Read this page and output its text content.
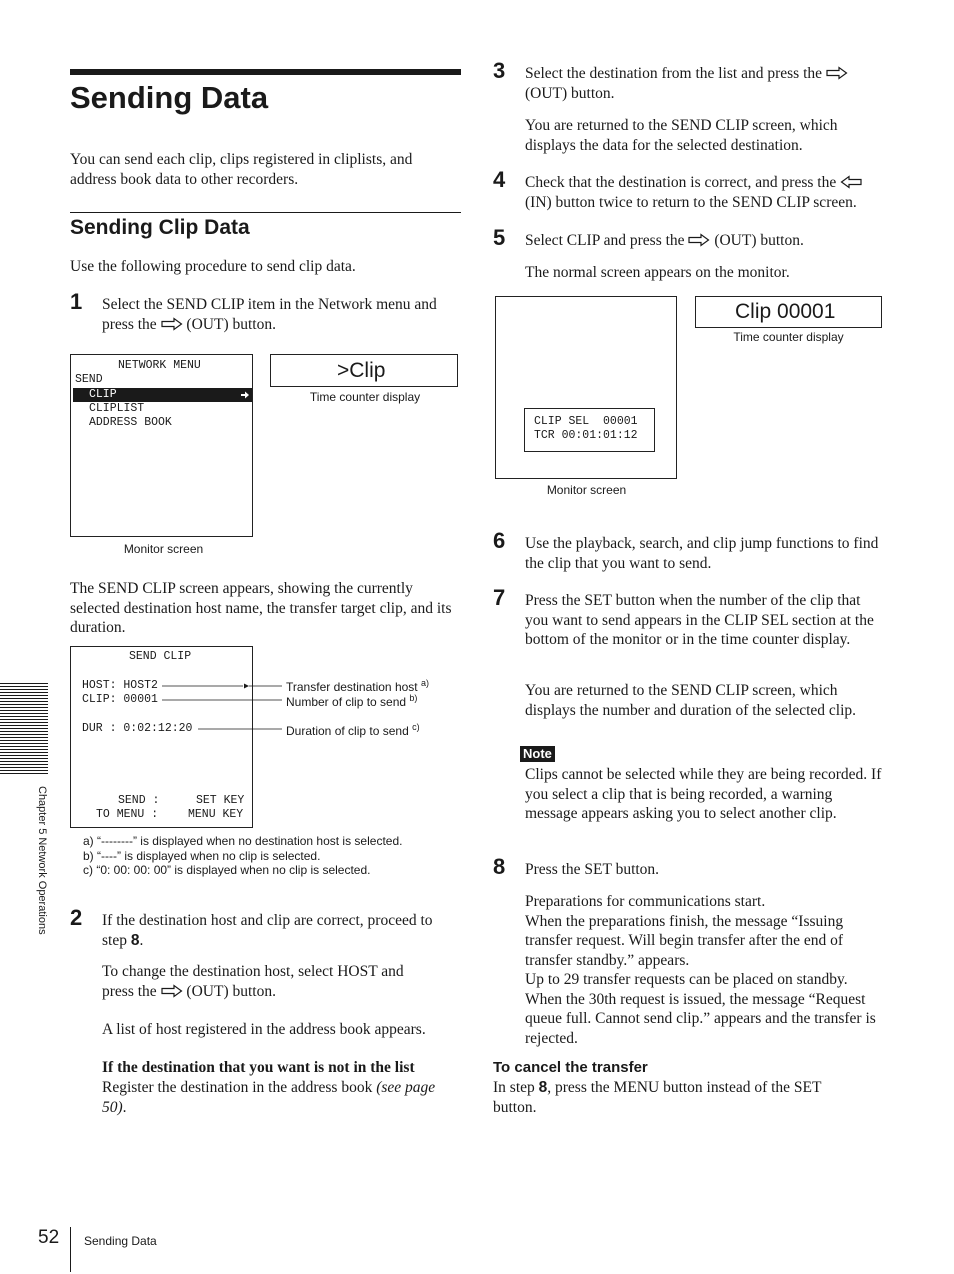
Sending Data
You can send each clip, clips registered in cliplists, and address book data to other recorders.
Sending Clip Data
Use the following procedure to send clip data.
1 Select the SEND CLIP item in the Network menu and
press the (OUT) button.
NETWORK MENU
SEND
CLIP
CLIPLIST
ADDRESS BOOK
Monitor screen
>Clip
Time counter display
The SEND CLIP screen appears, showing the currently selected destination host name, the transfer target clip, and its duration.
SEND CLIP
HOST: HOST2
CLIP: 00001
DUR : 0:02:12:20
SEND :	SET KEY
TO MENU :	MENU KEY
Transfer destination host $^{a)}$
Number of clip to send $^{b)}$
Duration of clip to send $^{c)}$
a) “--------” is displayed when no destination host is selected.
b) “----” is displayed when no clip is selected.
c) “0: 00: 00: 00” is displayed when no clip is selected.
2 If the destination host and clip are correct, proceed to
step 8.
To change the destination host, select HOST and
press the (OUT) button.
A list of host registered in the address book appears.
If the destination that you want is not in the list
Register the destination in the address book (see page
50).
Chapter 5 Network Operations
52 Sending Data
3 Select the destination from the list and press the
(OUT) button.
You are returned to the SEND CLIP screen, which displays the data for the selected destination.
4 Check that the destination is correct, and press the
(IN) button twice to return to the SEND CLIP screen.
5 Select CLIP and press the (OUT) button.
The normal screen appears on the monitor.
CLIP SEL  00001
TCR 00:01:01:12
Monitor screen
Clip 00001
Time counter display
6 Use the playback, search, and clip jump functions to find the clip that you want to send.
7 Press the SET button when the number of the clip that you want to send appears in the CLIP SEL section at the bottom of the monitor or in the time counter display.
You are returned to the SEND CLIP screen, which displays the number and duration of the selected clip.
Note
Clips cannot be selected while they are being recorded. If you select a clip that is being recorded, a warning message appears asking you to select another clip.
8 Press the SET button.
Preparations for communications start.
When the preparations finish, the message “Issuing transfer request. Will begin transfer after the end of transfer standby.” appears.
Up to 29 transfer requests can be placed on standby. When the 30th request is issued, the message “Request queue full. Cannot send clip.” appears and the transfer is rejected.
To cancel the transfer
In step 8, press the MENU button instead of the SET button.
